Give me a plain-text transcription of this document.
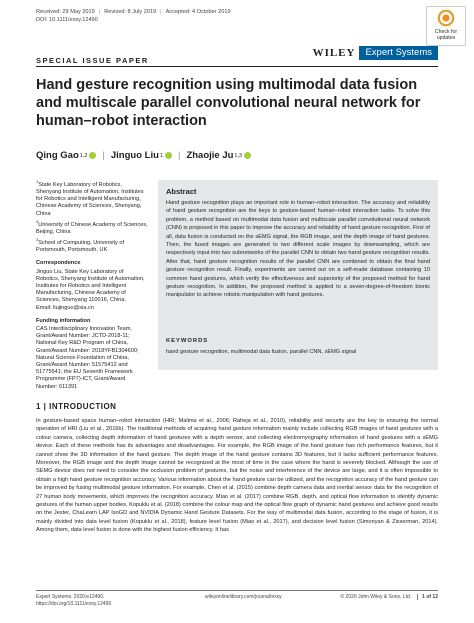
Received: 29 May 2019 | Revised: 8 July 2019 | Accepted: 4 October 2019
DOI: 10.1111/exsy.12490
Check for updates
SPECIAL ISSUE PAPER
WILEY	Expert Systems
Hand gesture recognition using multimodal data fusion and multiscale parallel convolutional neural network for human–robot interaction
Qing Gao 1,2 | Jinguo Liu 1 | Zhaojie Ju 1,3
$^1$State Key Laboratory of Robotics, Shenyang Institute of Automation, Institutes for Robotics and Intelligent Manufacturing, Chinese Academy of Sciences, Shenyang, China
$^2$University of Chinese Academy of Sciences, Beijing, China
$^3$School of Computing, University of Portsmouth, Portsmouth, UK
Correspondence
Jinguo Liu, State Key Laboratory of Robotics, Shenyang Institute of Automation, Institutes for Robotics and Intelligent Manufacturing, Chinese Academy of Sciences, Shenyang 110016, China.
Email: liujinguo@sia.cn
Funding information
CAS Interdisciplinary Innovation Team, Grant/Award Number: JCTD-2018-11; National Key R&D Program of China, Grant/Award Number: 2018YFB1304600; Natural Science Foundation of China, Grant/Award Number: 51575412 and 51775541; the EU Seventh Framework Programme (FP7)-ICT, Grant/Award Number: 611391
Abstract
Hand gesture recognition plays an important role in human–robot interaction. The accuracy and reliability of hand gesture recognition are the keys to gesture-based human–robot interaction tasks. To solve this problem, a method based on multimodal data fusion and multiscale parallel convolutional neural network (CNN) is proposed in this paper to improve the accuracy and reliability of hand gesture recognition. First of all, data fusion is conducted on the sEMG signal, the RGB image, and the depth image of hand gestures. Then, the fused images are generated to two different scale images by downsampling, which are respectively input into two subnetworks of the parallel CNN to obtain two hand gesture recognition results. After that, hand gesture recognition results of the parallel CNN are combined to obtain the final hand gesture recognition result. Finally, experiments are carried out on a self-made database containing 10 common hand gestures, which verify the effectiveness and superiority of the proposed method for hand gesture recognition. In addition, the proposed method is applied to a seven-degree-of-freedom bionic manipulator to achieve robotic manipulation with hand gestures.
KEYWORDS
hand gesture recognition, multimodal data fusion, parallel CNN, sEMG signal
1 | INTRODUCTION
In gesture-based space human–robot interaction (HRI; Malima et al., 2006; Raheja et al., 2010), reliability and security are the key to ensuring the normal operation of HRI (Liu et al., 2016b). The traditional methods of acquiring hand gesture information mainly include collecting RGB images of hand gestures with a colour camera, collecting depth information of hand gestures with a depth sensor, and collecting electromyography information of hand gestures with a sEMG device. Each of these methods has its advantages and disadvantages. For example, the RGB image of the hand gesture has rich performance features, but it cannot show the 3D information of the hand gesture. The depth image of the hand gesture contains 3D features, but it lacks sufficient performance features. Moreover, the RGB image and the depth image cannot be recognized at the most of time in the case where the hand is severely blocked. Although the use of SEMG device does not need to consider the occlusion problem of gestures, but the noise and interference of the device are large, and it is often impossible to obtain a high hand gesture recognition accuracy. Various information about the hand gesture can be utilized, and the recognition accuracy of the hand gesture can be improved by fusing multimodal gesture information. For example, Chen et al. (2015) combine depth camera data and inertial sensor data for the recognition of 27 human body movements, which improves the recognition accuracy. Miao et al. (2017) combine RGB, depth, and optical flow information to identify dynamic gestures of the human upper bodies. Kopuklu et al. (2018) combine the colour map and the optical flow graph of dynamic hand gestures and achieve good results on the Jester, ChaLearn LAP IsoGD and NVIDIA Dynamic Hand Gesture Datasets. For the way of multimodal data fusion, according to the stage of fusion, it is mainly divided into data level fusion (Kopuklu et al., 2018), feature level fusion (Miao et al., 2017), and decision level fusion (Simonyan & Zisserman, 2014). Among them, data level fusion is done with the highest fusion efficiency. It has
Expert Systems. 2020;e12490.
https://doi.org/10.1111/exsy.12490
wileyonlinelibrary.com/journal/exsy	© 2020 John Wiley & Sons, Ltd. 1 of 12
